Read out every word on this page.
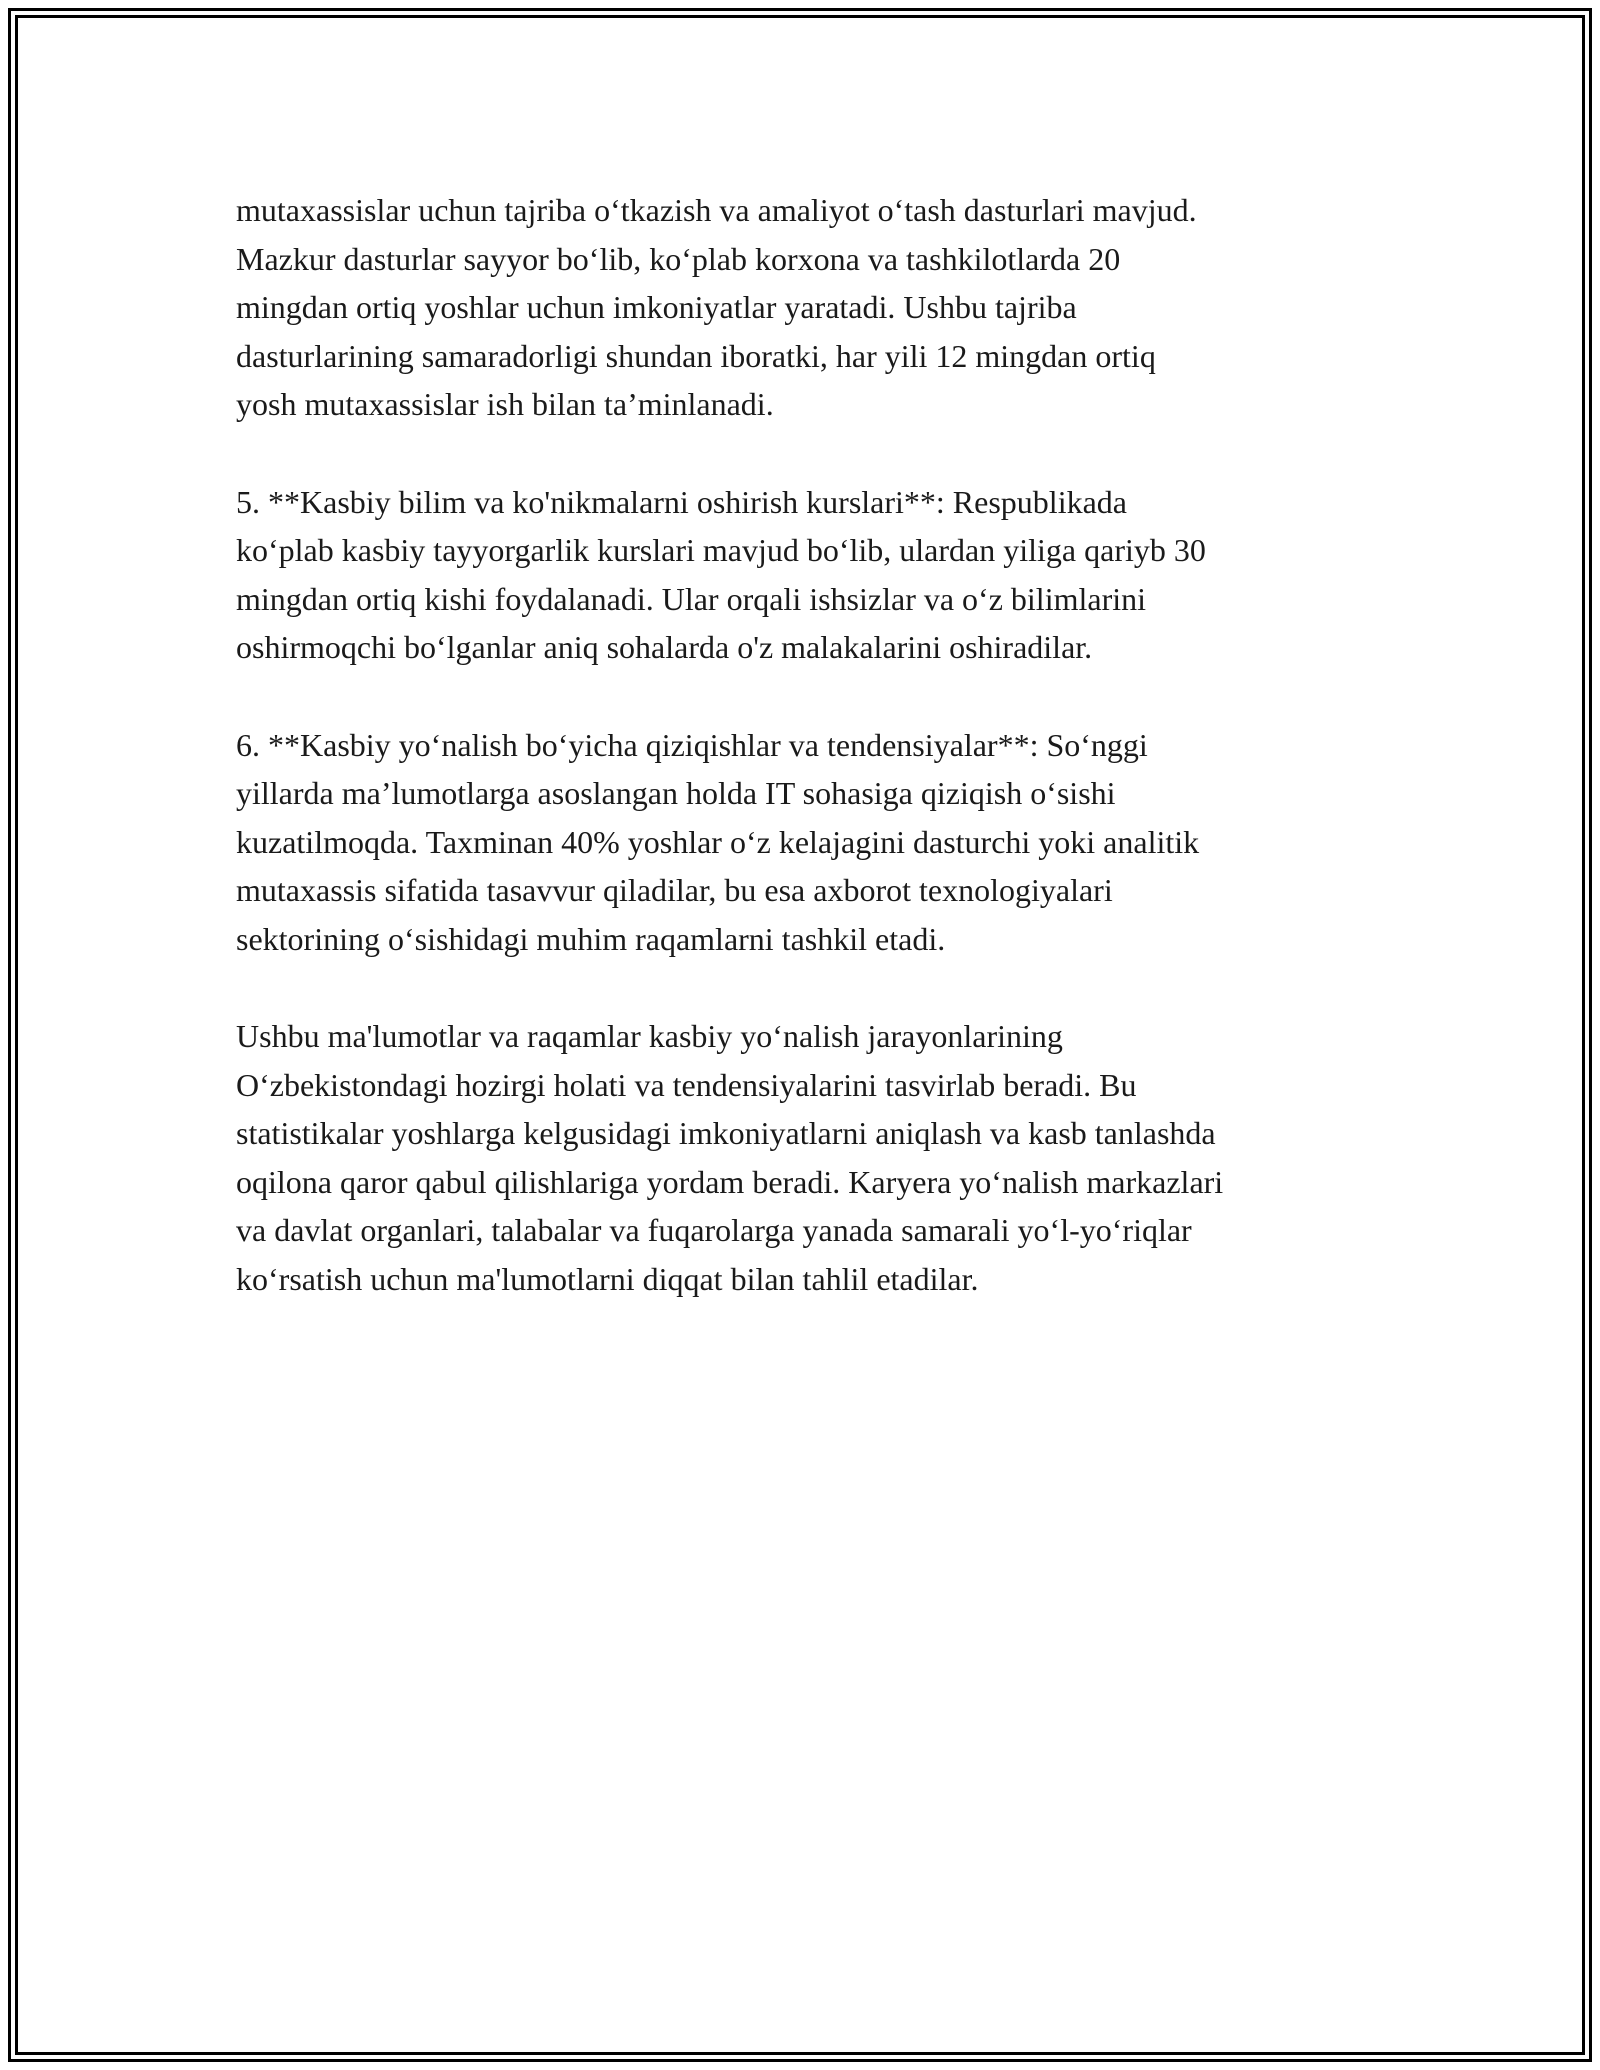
mutaxassislar uchun tajriba o‘tkazish va amaliyot o‘tash dasturlari mavjud.
Mazkur dasturlar sayyor bo‘lib, ko‘plab korxona va tashkilotlarda 20
mingdan ortiq yoshlar uchun imkoniyatlar yaratadi. Ushbu tajriba
dasturlarining samaradorligi shundan iboratki, har yili 12 mingdan ortiq
yosh mutaxassislar ish bilan ta’minlanadi.

5. **Kasbiy bilim va ko'nikmalarni oshirish kurslari**: Respublikada
ko‘plab kasbiy tayyorgarlik kurslari mavjud bo‘lib, ulardan yiliga qariyb 30
mingdan ortiq kishi foydalanadi. Ular orqali ishsizlar va o‘z bilimlarini
oshirmoqchi bo‘lganlar aniq sohalarda o'z malakalarini oshiradilar.

6. **Kasbiy yo‘nalish bo‘yicha qiziqishlar va tendensiyalar**: So‘nggi
yillarda ma’lumotlarga asoslangan holda IT sohasiga qiziqish o‘sishi
kuzatilmoqda. Taxminan 40% yoshlar o‘z kelajagini dasturchi yoki analitik
mutaxassis sifatida tasavvur qiladilar, bu esa axborot texnologiyalari
sektorining o‘sishidagi muhim raqamlarni tashkil etadi.

Ushbu ma'lumotlar va raqamlar kasbiy yo‘nalish jarayonlarining
O‘zbekistondagi hozirgi holati va tendensiyalarini tasvirlab beradi. Bu
statistikalar yoshlarga kelgusidagi imkoniyatlarni aniqlash va kasb tanlashda
oqilona qaror qabul qilishlariga yordam beradi. Karyera yo‘nalish markazlari
va davlat organlari, talabalar va fuqarolarga yanada samarali yo‘l-yo‘riqlar
ko‘rsatish uchun ma'lumotlarni diqqat bilan tahlil etadilar.
